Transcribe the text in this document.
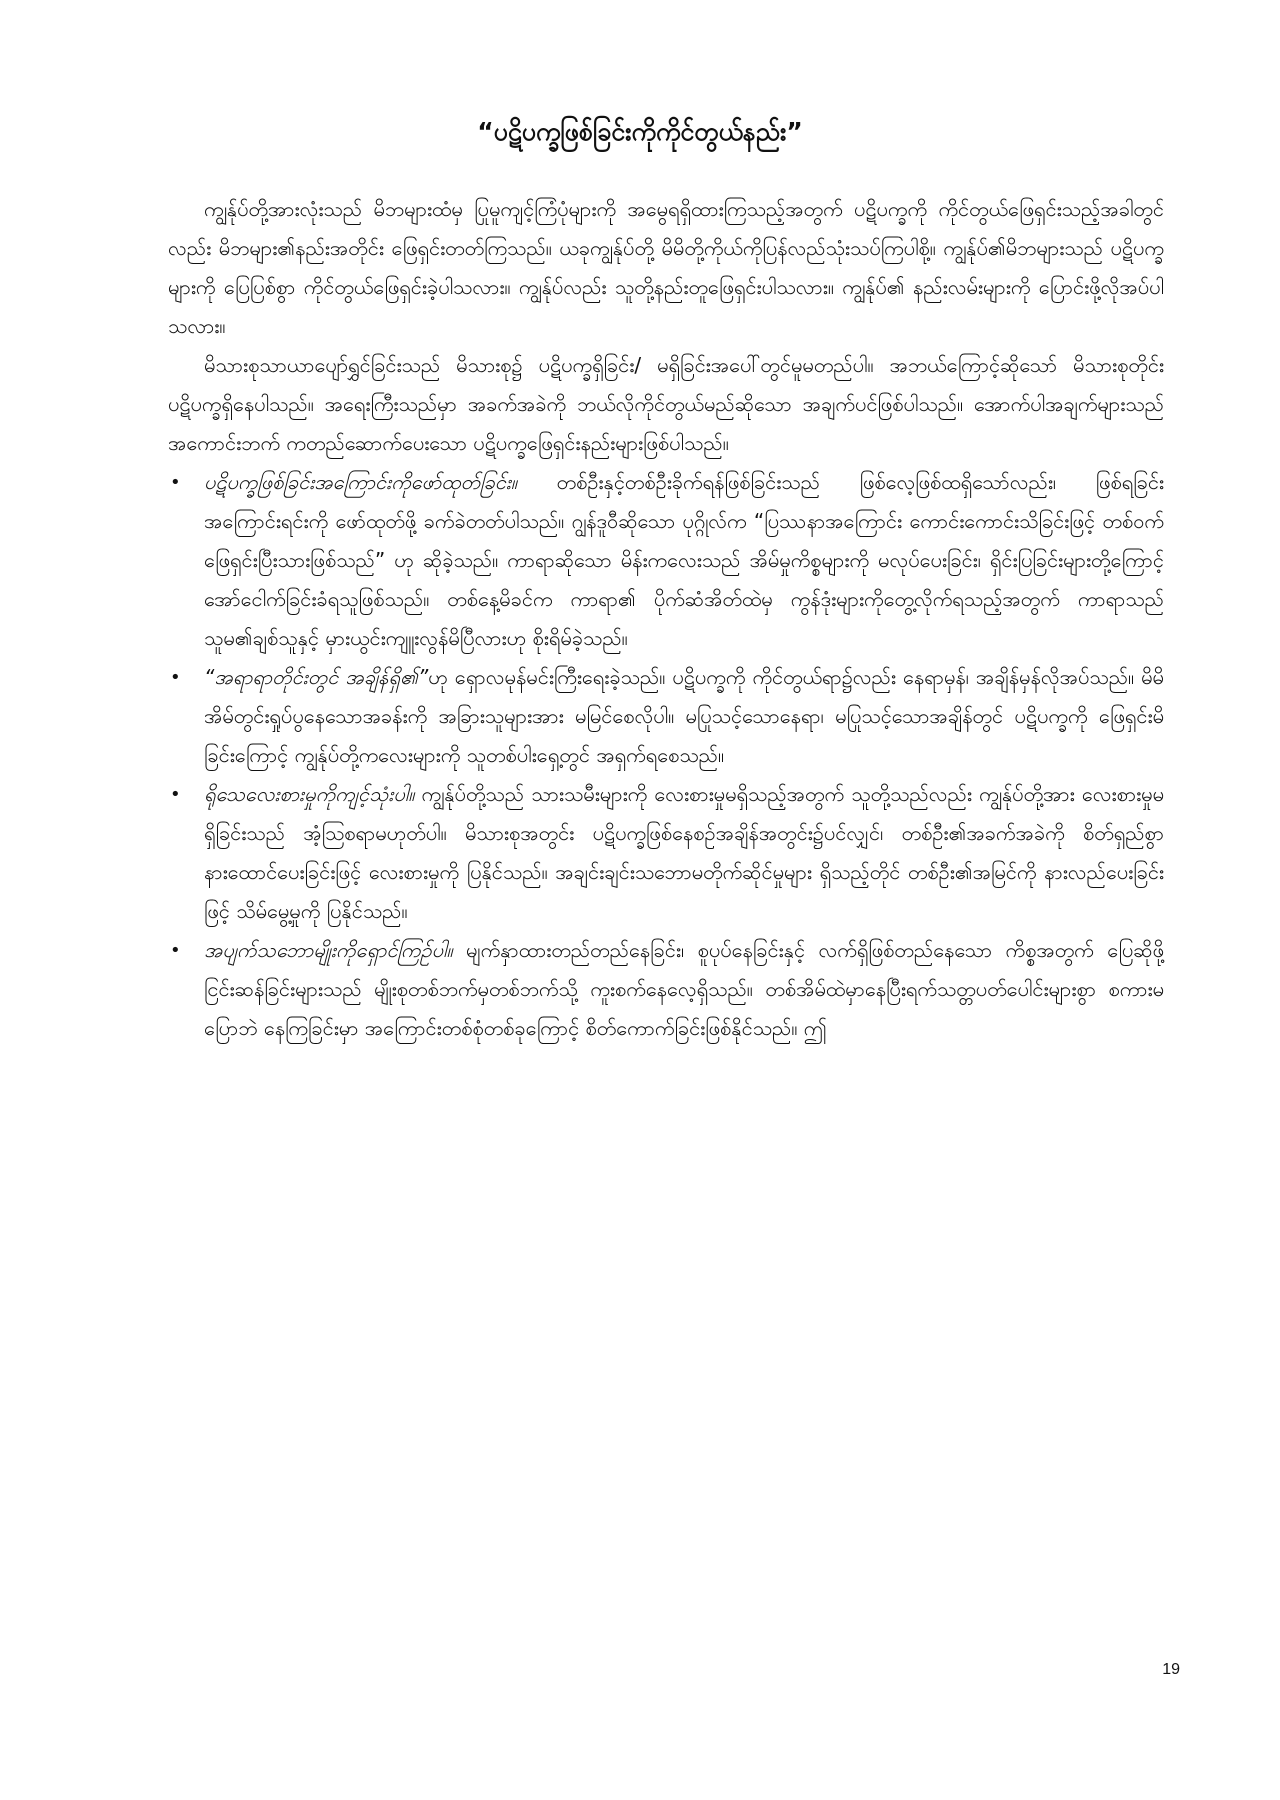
“ပဋိပက္ခဖြစ်ခြင်းကိုကိုင်တွယ်နည်း”

ကျွန်ုပ်တို့အားလုံးသည် မိဘများထံမှ ပြုမူကျင့်ကြံပုံများကို အမွေရရှိထားကြသည့်အတွက် ပဋိပက္ခကို ကိုင်တွယ်ဖြေရှင်းသည့်အခါတွင်လည်း မိဘများ၏နည်းအတိုင်း ဖြေရှင်းတတ်ကြသည်။ ယခုကျွန်ုပ်တို့ မိမိတို့ကိုယ်ကိုပြန်လည်သုံးသပ်ကြပါစို့။ ကျွန်ုပ်၏မိဘများသည် ပဋိပက္ခများကို ပြေပြစ်စွာ ကိုင်တွယ်ဖြေရှင်းခဲ့ပါသလား။ ကျွန်ုပ်လည်း သူတို့နည်းတူဖြေရှင်းပါသလား။ ကျွန်ုပ်၏ နည်းလမ်းများကို ပြောင်းဖို့လိုအပ်ပါသလား။

မိသားစုသာယာပျော်ရွှင်ခြင်းသည် မိသားစု၌ ပဋိပက္ခရှိခြင်း/ မရှိခြင်းအပေါ်တွင်မူမတည်ပါ။ အဘယ်ကြောင့်ဆိုသော် မိသားစုတိုင်းပဋိပက္ခရှိနေပါသည်။ အရေးကြီးသည်မှာ အခက်အခဲကို ဘယ်လိုကိုင်တွယ်မည်ဆိုသော အချက်ပင်ဖြစ်ပါသည်။ အောက်ပါအချက်များသည် အကောင်းဘက် ကတည်ဆောက်ပေးသော ပဋိပက္ခဖြေရှင်းနည်းများဖြစ်ပါသည်။

• ပဋိပက္ခဖြစ်ခြင်းအကြောင်းကိုဖော်ထုတ်ခြင်း။ တစ်ဦးနှင့်တစ်ဦးခိုက်ရန်ဖြစ်ခြင်းသည် ဖြစ်လေ့ဖြစ်ထရှိသော်လည်း၊ ဖြစ်ရခြင်းအကြောင်းရင်းကို ဖော်ထုတ်ဖို့ ခက်ခဲတတ်ပါသည်။ ဂျွန်ဒူဝီဆိုသော ပုဂ္ဂိုလ်က “ပြဿနာအကြောင်း ကောင်းကောင်းသိခြင်းဖြင့် တစ်ဝက်ဖြေရှင်းပြီးသားဖြစ်သည်” ဟု ဆိုခဲ့သည်။ ကာရာဆိုသော မိန်းကလေးသည် အိမ်မှုကိစ္စများကို မလုပ်ပေးခြင်း၊ ရှိင်းပြခြင်းများတို့ကြောင့် အော်ငေါက်ခြင်းခံရသူဖြစ်သည်။ တစ်နေ့မိခင်က ကာရာ၏ ပိုက်ဆံအိတ်ထဲမှ ကွန်ဒုံးများကိုတွေ့လိုက်ရသည့်အတွက် ကာရာသည် သူမ၏ချစ်သူနှင့် မှားယွင်းကျူးလွန်မိပြီလားဟု စိုးရိမ်ခဲ့သည်။
• “အရာရာတိုင်းတွင် အချိန်ရှိ၏”ဟု ရှောလမုန်မင်းကြီးရေးခဲ့သည်။ ပဋိပက္ခကို ကိုင်တွယ်ရာ၌လည်း နေရာမှန်၊ အချိန်မှန်လိုအပ်သည်။ မိမိအိမ်တွင်းရှုပ်ပွနေသောအခန်းကို အခြားသူများအား မမြင်စေလိုပါ။ မပြုသင့်သောနေရာ၊ မပြုသင့်သောအချိန်တွင် ပဋိပက္ခကို ဖြေရှင်းမိခြင်းကြောင့် ကျွန်ုပ်တို့ကလေးများကို သူတစ်ပါးရှေ့တွင် အရှက်ရစေသည်။
• ရိုသေလေးစားမှုကိုကျင့်သုံးပါ။ ကျွန်ုပ်တို့သည် သားသမီးများကို လေးစားမှုမရှိသည့်အတွက် သူတို့သည်လည်း ကျွန်ုပ်တို့အား လေးစားမှုမရှိခြင်းသည် အံ့သြစရာမဟုတ်ပါ။ မိသားစုအတွင်း ပဋိပက္ခဖြစ်နေစဉ်အချိန်အတွင်း၌ပင်လျှင်၊ တစ်ဦး၏အခက်အခဲကို စိတ်ရှည်စွာနားထောင်ပေးခြင်းဖြင့် လေးစားမှုကို ပြနိုင်သည်။ အချင်းချင်းသဘောမတိုက်ဆိုင်မှုများ ရှိသည့်တိုင် တစ်ဦး၏အမြင်ကို နားလည်ပေးခြင်းဖြင့် သိမ်မွေ့မှုကို ပြနိုင်သည်။
• အပျက်သဘောမျိုးကိုရှောင်ကြဉ်ပါ။ မျက်နှာထားတည်တည်နေခြင်း၊ စူပုပ်နေခြင်းနှင့် လက်ရှိဖြစ်တည်နေသော ကိစ္စအတွက် ပြေဆိုဖို့ ငြင်းဆန်ခြင်းများသည် မျိုးစုတစ်ဘက်မှတစ်ဘက်သို့ ကူးစက်နေလေ့ရှိသည်။ တစ်အိမ်ထဲမှာနေပြီးရက်သတ္တပတ်ပေါင်းများစွာ စကားမပြောဘဲ နေကြခြင်းမှာ အကြောင်းတစ်စုံတစ်ခုကြောင့် စိတ်ကောက်ခြင်းဖြစ်နိုင်သည်။ ဤ
19
